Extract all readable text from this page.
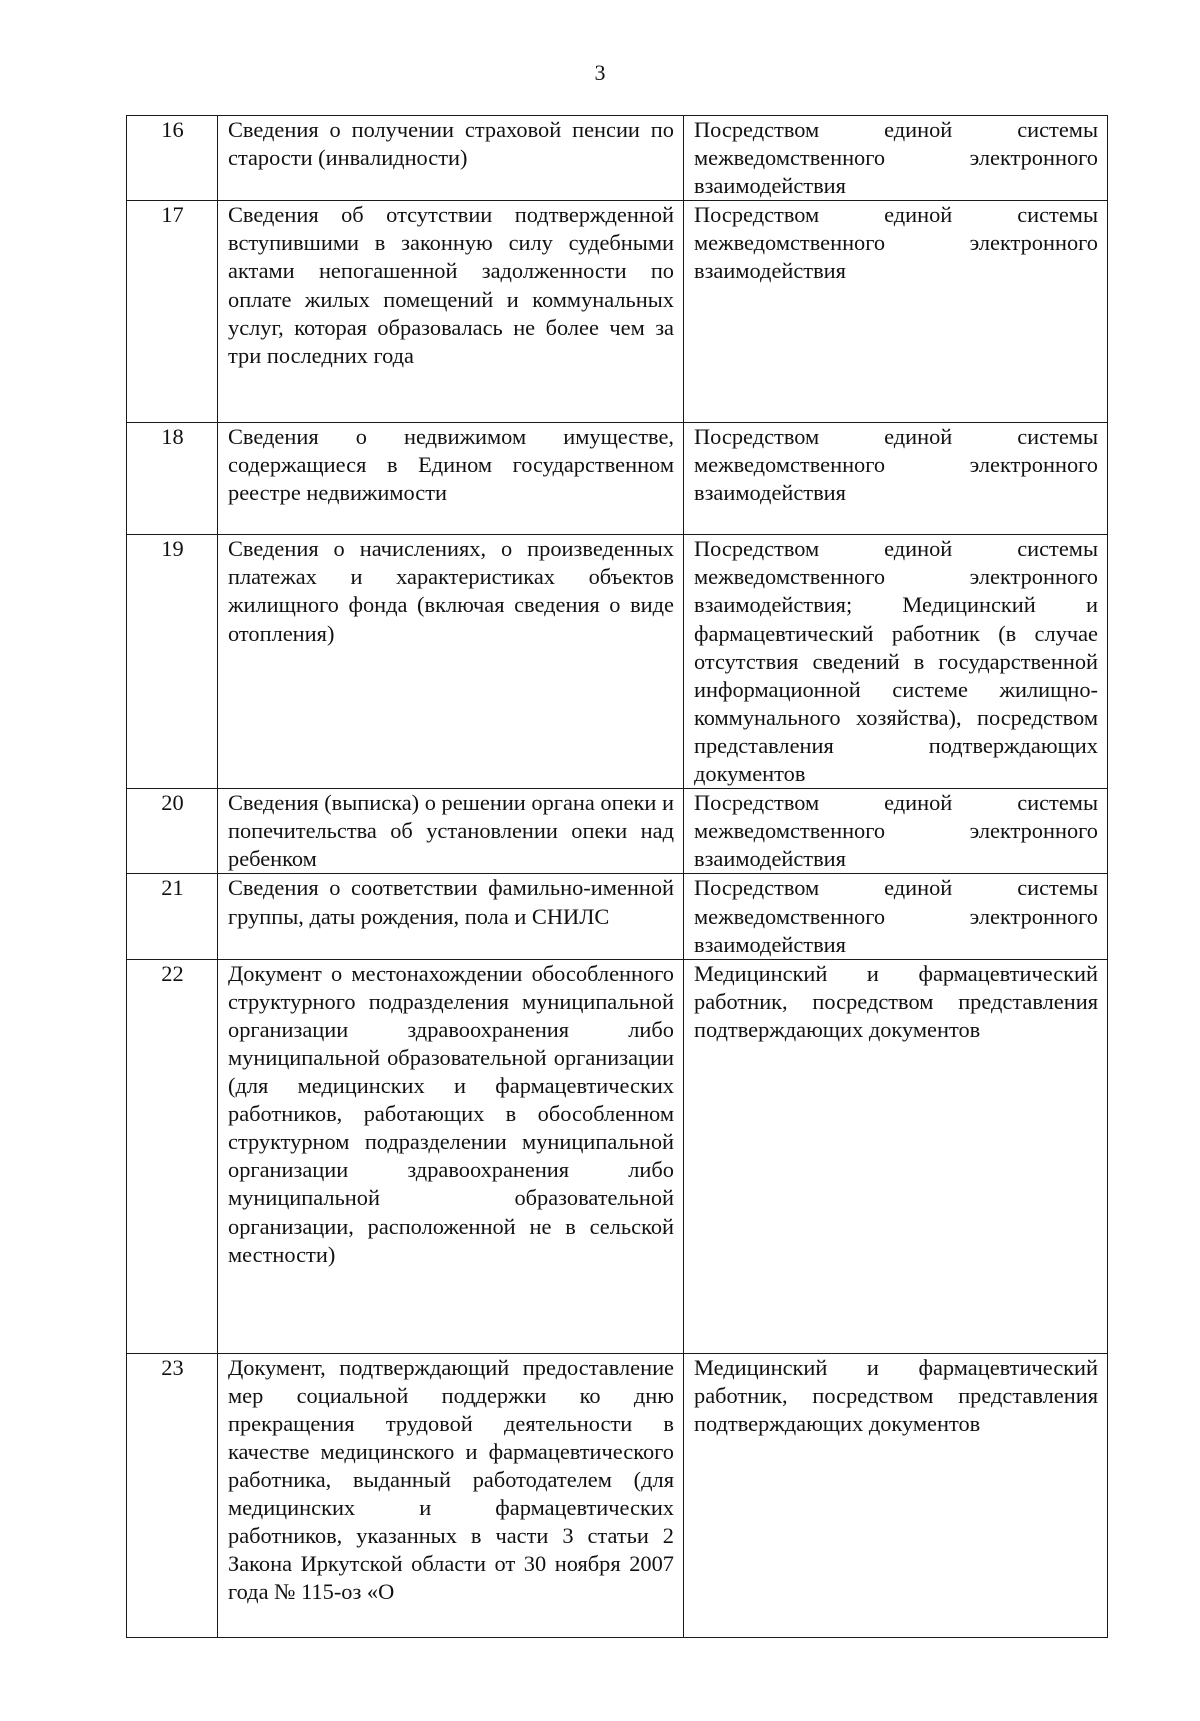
3
16	Сведения о получении страховой пенсии по старости (инвалидности)	Посредством единой системы межведомственного электронного взаимодействия
17	Сведения об отсутствии подтвержденной вступившими в законную силу судебными актами непогашенной задолженности по оплате жилых помещений и коммунальных услуг, которая образовалась не более чем за три последних года	Посредством единой системы межведомственного электронного взаимодействия
18	Сведения о недвижимом имуществе, содержащиеся в Едином государственном реестре недвижимости	Посредством единой системы межведомственного электронного взаимодействия
19	Сведения о начислениях, о произведенных платежах и характеристиках объектов жилищного фонда (включая сведения о виде отопления)	Посредством единой системы межведомственного электронного взаимодействия; Медицинский и фармацевтический работник (в случае отсутствия сведений в государственной информационной системе жилищно-коммунального хозяйства), посредством представления подтверждающих документов
20	Сведения (выписка) о решении органа опеки и попечительства об установлении опеки над ребенком	Посредством единой системы межведомственного электронного взаимодействия
21	Сведения о соответствии фамильно-именной группы, даты рождения, пола и СНИЛС	Посредством единой системы межведомственного электронного взаимодействия
22	Документ о местонахождении обособленного структурного подразделения муниципальной организации здравоохранения либо муниципальной образовательной организации (для медицинских и фармацевтических работников, работающих в обособленном структурном подразделении муниципальной организации здравоохранения либо муниципальной образовательной организации, расположенной не в сельской местности)	Медицинский и фармацевтический работник, посредством представления подтверждающих документов
23	Документ, подтверждающий предоставление мер социальной поддержки ко дню прекращения трудовой деятельности в качестве медицинского и фармацевтического работника, выданный работодателем (для медицинских и фармацевтических работников, указанных в части 3 статьи 2 Закона Иркутской области от 30 ноября 2007 года № 115-оз «О	Медицинский и фармацевтический работник, посредством представления подтверждающих документов
